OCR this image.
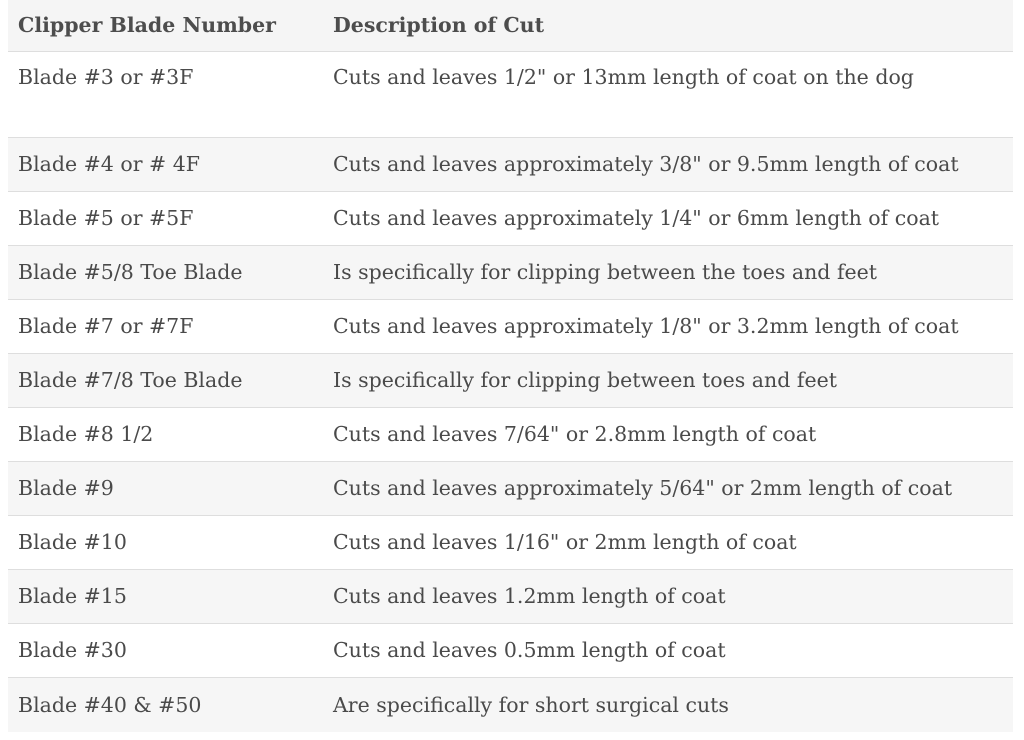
Clipper Blade Number	Description of Cut
Blade #3 or #3F	Cuts and leaves 1/2" or 13mm length of coat on the dog
Blade #4 or # 4F	Cuts and leaves approximately 3/8" or 9.5mm length of coat
Blade #5 or #5F	Cuts and leaves approximately 1/4" or 6mm length of coat
Blade #5/8 Toe Blade	Is specifically for clipping between the toes and feet
Blade #7 or #7F	Cuts and leaves approximately 1/8" or 3.2mm length of coat
Blade #7/8 Toe Blade	Is specifically for clipping between toes and feet
Blade #8 1/2	Cuts and leaves 7/64" or 2.8mm length of coat
Blade #9	Cuts and leaves approximately 5/64" or 2mm length of coat
Blade #10	Cuts and leaves 1/16" or 2mm length of coat
Blade #15	Cuts and leaves 1.2mm length of coat
Blade #30	Cuts and leaves 0.5mm length of coat
Blade #40 & #50	Are specifically for short surgical cuts
